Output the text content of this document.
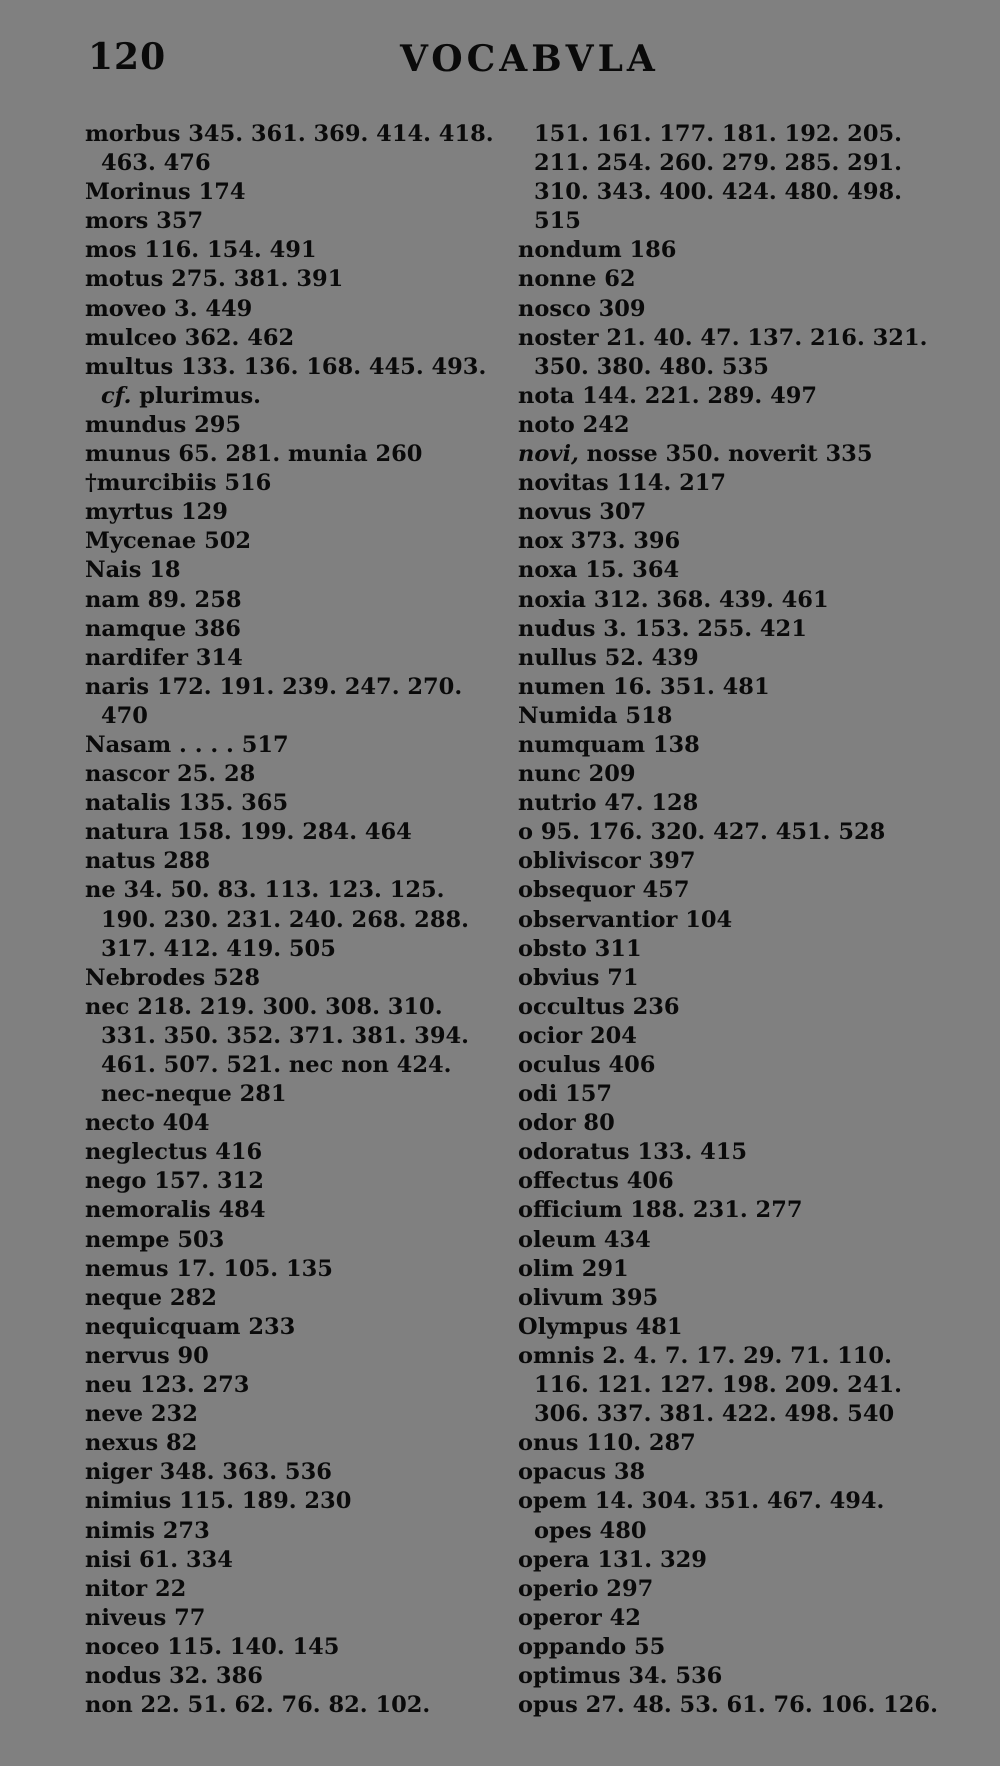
120	VOCABVLA
morbus 345. 361. 369. 414. 418.
463. 476
Morinus 174
mors 357
mos 116. 154. 491
motus 275. 381. 391
moveo 3. 449
mulceo 362. 462
multus 133. 136. 168. 445. 493.
cf. plurimus.
mundus 295
munus 65. 281. munia 260
†murcibiis 516
myrtus 129
Mycenae 502
Nais 18
nam 89. 258
namque 386
nardifer 314
naris 172. 191. 239. 247. 270.
470
Nasam . . . . 517
nascor 25. 28
natalis 135. 365
natura 158. 199. 284. 464
natus 288
ne 34. 50. 83. 113. 123. 125.
190. 230. 231. 240. 268. 288.
317. 412. 419. 505
Nebrodes 528
nec 218. 219. 300. 308. 310.
331. 350. 352. 371. 381. 394.
461. 507. 521. nec non 424.
nec-neque 281
necto 404
neglectus 416
nego 157. 312
nemoralis 484
nempe 503
nemus 17. 105. 135
neque 282
nequicquam 233
nervus 90
neu 123. 273
neve 232
nexus 82
niger 348. 363. 536
nimius 115. 189. 230
nimis 273
nisi 61. 334
nitor 22
niveus 77
noceo 115. 140. 145
nodus 32. 386
non 22. 51. 62. 76. 82. 102.
151. 161. 177. 181. 192. 205.
211. 254. 260. 279. 285. 291.
310. 343. 400. 424. 480. 498.
515
nondum 186
nonne 62
nosco 309
noster 21. 40. 47. 137. 216. 321.
350. 380. 480. 535
nota 144. 221. 289. 497
noto 242
novi, nosse 350. noverit 335
novitas 114. 217
novus 307
nox 373. 396
noxa 15. 364
noxia 312. 368. 439. 461
nudus 3. 153. 255. 421
nullus 52. 439
numen 16. 351. 481
Numida 518
numquam 138
nunc 209
nutrio 47. 128
o 95. 176. 320. 427. 451. 528
obliviscor 397
obsequor 457
observantior 104
obsto 311
obvius 71
occultus 236
ocior 204
oculus 406
odi 157
odor 80
odoratus 133. 415
offectus 406
officium 188. 231. 277
oleum 434
olim 291
olivum 395
Olympus 481
omnis 2. 4. 7. 17. 29. 71. 110.
116. 121. 127. 198. 209. 241.
306. 337. 381. 422. 498. 540
onus 110. 287
opacus 38
opem 14. 304. 351. 467. 494.
opes 480
opera 131. 329
operio 297
operor 42
oppando 55
optimus 34. 536
opus 27. 48. 53. 61. 76. 106. 126.
